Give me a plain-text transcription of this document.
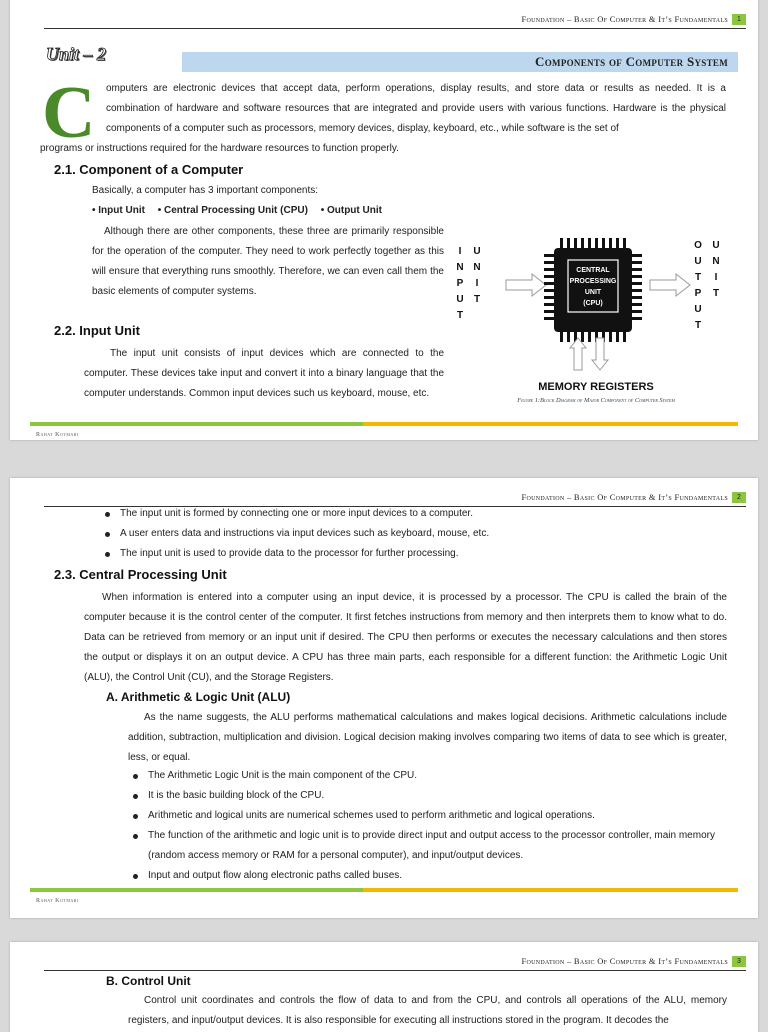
Foundation – Basic Of Computer & It’s Fundamentals	1
Unit – 2	Components of Computer System
C omputers are electronic devices that accept data, perform operations, display results, and store data or results as needed. It is a combination of hardware and software resources that are integrated and provide users with various functions. Hardware is the physical components of a computer such as processors, memory devices, display, keyboard, etc., while software is the set of

programs or instructions required for the hardware resources to function properly.

2.1. Component of a Computer

Basically, a computer has 3 important components:

• Input Unit • Central Processing Unit (CPU) • Output Unit

Although there are other components, these three are primarily responsible for the operation of the computer. They need to work perfectly together as this will ensure that everything runs smoothly. Therefore, we can even call them the basic elements of computer systems.

2.2. Input Unit

The input unit consists of input devices which are connected to the computer. These devices take input and convert it into a binary language that the computer understands. Common input devices such us keyboard, mouse, etc.

I
N
P
U
T
U
N
I
T
O
U
T
P
U
T
U
N
I
T
CENTRAL
PROCESSING
UNIT
(CPU)
MEMORY REGISTERS
Figure 1:Block Diagram of Major Component of Computer System
Rahat Kotmari
Foundation – Basic Of Computer & It’s Fundamentals	2
The input unit is formed by connecting one or more input devices to a computer.
A user enters data and instructions via input devices such as keyboard, mouse, etc.
The input unit is used to provide data to the processor for further processing.
2.3. Central Processing Unit

When information is entered into a computer using an input device, it is processed by a processor. The CPU is called the brain of the computer because it is the control center of the computer. It first fetches instructions from memory and then interprets them to know what to do. Data can be retrieved from memory or an input unit if desired. The CPU then performs or executes the necessary calculations and then stores the output or displays it on an output device. A CPU has three main parts, each responsible for a different function: the Arithmetic Logic Unit (ALU), the Control Unit (CU), and the Storage Registers.

A. Arithmetic & Logic Unit (ALU)

As the name suggests, the ALU performs mathematical calculations and makes logical decisions. Arithmetic calculations include addition, subtraction, multiplication and division. Logical decision making involves comparing two items of data to see which is greater, less, or equal.

The Arithmetic Logic Unit is the main component of the CPU.
It is the basic building block of the CPU.
Arithmetic and logical units are numerical schemes used to perform arithmetic and logical operations.
The function of the arithmetic and logic unit is to provide direct input and output access to the processor controller, main memory (random access memory or RAM for a personal computer), and input/output devices.
Input and output flow along electronic paths called buses.
Rahat Kotmari
Foundation – Basic Of Computer & It’s Fundamentals	3
B. Control Unit

Control unit coordinates and controls the flow of data to and from the CPU, and controls all operations of the ALU, memory registers, and input/output devices. It is also responsible for executing all instructions stored in the program. It decodes the
